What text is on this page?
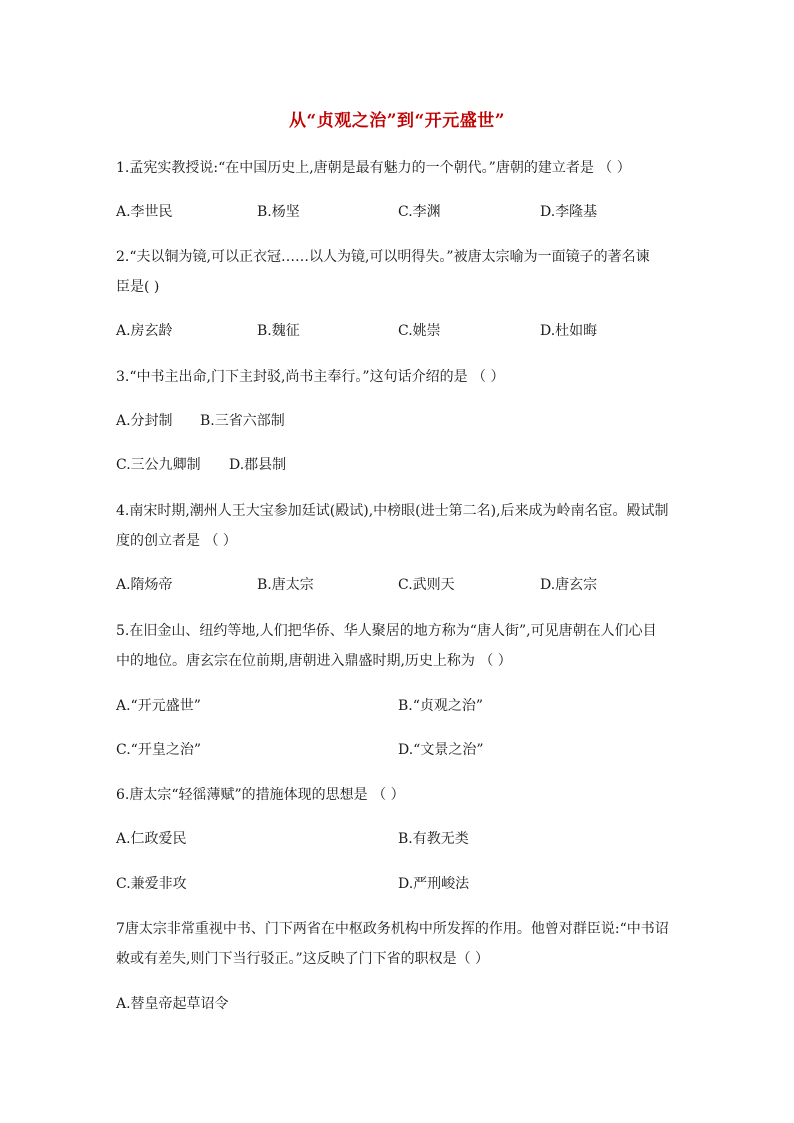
从“贞观之治”到“开元盛世”
1.孟宪实教授说:“在中国历史上,唐朝是最有魅力的一个朝代。”唐朝的建立者是 （ ）
A.李世民	B.杨坚	C.李渊	D.李隆基
2.“夫以铜为镜,可以正衣冠……以人为镜,可以明得失。”被唐太宗喻为一面镜子的著名谏
臣是( )
A.房玄龄	B.魏征	C.姚崇	D.杜如晦
3.“中书主出命,门下主封驳,尚书主奉行。”这句话介绍的是 （ ）
A.分封制 B.三省六部制
C.三公九卿制 D.郡县制
4.南宋时期,潮州人王大宝参加廷试(殿试),中榜眼(进士第二名),后来成为岭南名宦。殿试制
度的创立者是 （ ）
A.隋炀帝	B.唐太宗	C.武则天	D.唐玄宗
5.在旧金山、纽约等地,人们把华侨、华人聚居的地方称为“唐人街”,可见唐朝在人们心目
中的地位。唐玄宗在位前期,唐朝进入鼎盛时期,历史上称为 （ ）
A.“开元盛世”	B.“贞观之治”
C.“开皇之治”	D.“文景之治”
6.唐太宗“轻徭薄赋”的措施体现的思想是 （ ）
A.仁政爱民	B.有教无类
C.兼爱非攻	D.严刑峻法
7唐太宗非常重视中书、门下两省在中枢政务机构中所发挥的作用。他曾对群臣说:“中书诏
敕或有差失,则门下当行驳正。”这反映了门下省的职权是（ ）
A.替皇帝起草诏令
